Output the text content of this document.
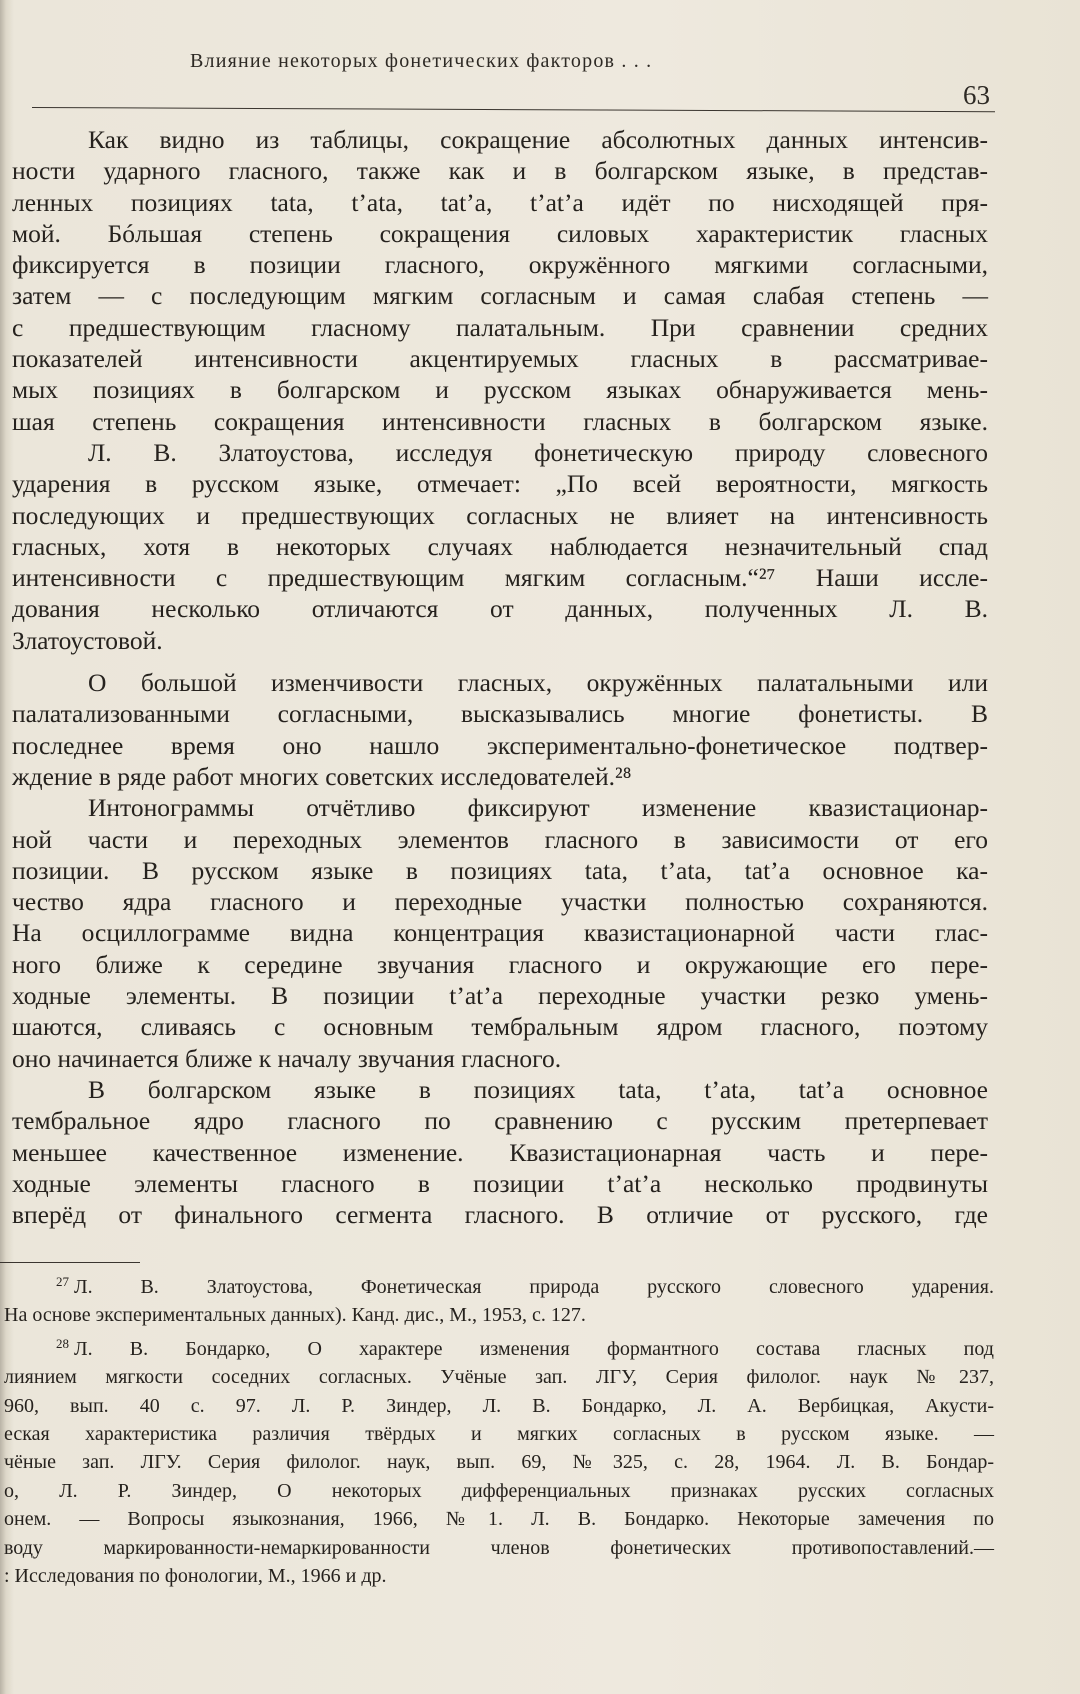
Влияние некоторых фонетических факторов . . .
63
Как видно из таблицы, сокращение абсолютных данных интенсив-
ности ударного гласного, также как и в болгарском языке, в представ-
ленных позициях tata, t’ata, tat’a, t’at’a идёт по нисходящей пря-
мой. Бóльшая степень сокращения силовых характеристик гласных
фиксируется в позиции гласного, окружённого мягкими согласными,
затем — с последующим мягким согласным и самая слабая степень —
с предшествующим гласному палатальным. При сравнении средних
показателей интенсивности акцентируемых гласных в рассматривае-
мых позициях в болгарском и русском языках обнаруживается мень-
шая степень сокращения интенсивности гласных в болгарском языке.
Л. В. Златоустова, исследуя фонетическую природу словесного
ударения в русском языке, отмечает: „По всей вероятности, мягкость
последующих и предшествующих согласных не влияет на интенсивность
гласных, хотя в некоторых случаях наблюдается незначительный спад
интенсивности с предшествующим мягким согласным.“²⁷ Наши иссле-
дования несколько отличаются от данных, полученных Л. В.
Златоустовой.
О большой изменчивости гласных, окружённых палатальными или
палатализованными согласными, высказывались многие фонетисты. В
последнее время оно нашло экспериментально-фонетическое подтвер-
ждение в ряде работ многих советских исследователей.²⁸
Интонограммы отчётливо фиксируют изменение квазистационар-
ной части и переходных элементов гласного в зависимости от его
позиции. В русском языке в позициях tata, t’ata, tat’a основное ка-
чество ядра гласного и переходные участки полностью сохраняются.
На осциллограмме видна концентрация квазистационарной части глас-
ного ближе к середине звучания гласного и окружающие его пере-
ходные элементы. В позиции t’at’a переходные участки резко умень-
шаются, сливаясь с основным тембральным ядром гласного, поэтому
оно начинается ближе к началу звучания гласного.
В болгарском языке в позициях tata, t’ata, tat’a основное
тембральное ядро гласного по сравнению с русским претерпевает
меньшее качественное изменение. Квазистационарная часть и пере-
ходные элементы гласного в позиции t’at’a несколько продвинуты
вперёд от финального сегмента гласного. В отличие от русского, где
$^{27}$ Л. В. Златоустова, Фонетическая природа русского словесного ударения.
На основе экспериментальных данных). Канд. дис., М., 1953, с. 127.
$^{28}$ Л. В. Бондарко, О характере изменения формантного состава гласных под
лиянием мягкости соседних согласных. Учёные зап. ЛГУ, Серия филолог. наук №237,
960, вып. 40 с. 97. Л. Р. Зиндер, Л. В. Бондарко, Л. А. Вербицкая, Акусти-
еская характеристика различия твёрдых и мягких согласных в русском языке. —
чёные зап. ЛГУ. Серия филолог. наук, вып. 69, №325, с. 28, 1964. Л. В. Бондар-
о, Л. Р. Зиндер, О некоторых дифференциальных признаках русских согласных
онем. — Вопросы языкознания, 1966, №1. Л. В. Бондарко. Некоторые замечения по
воду маркированности-немаркированности членов фонетических противопоставлений.—
: Исследования по фонологии, М., 1966 и др.
